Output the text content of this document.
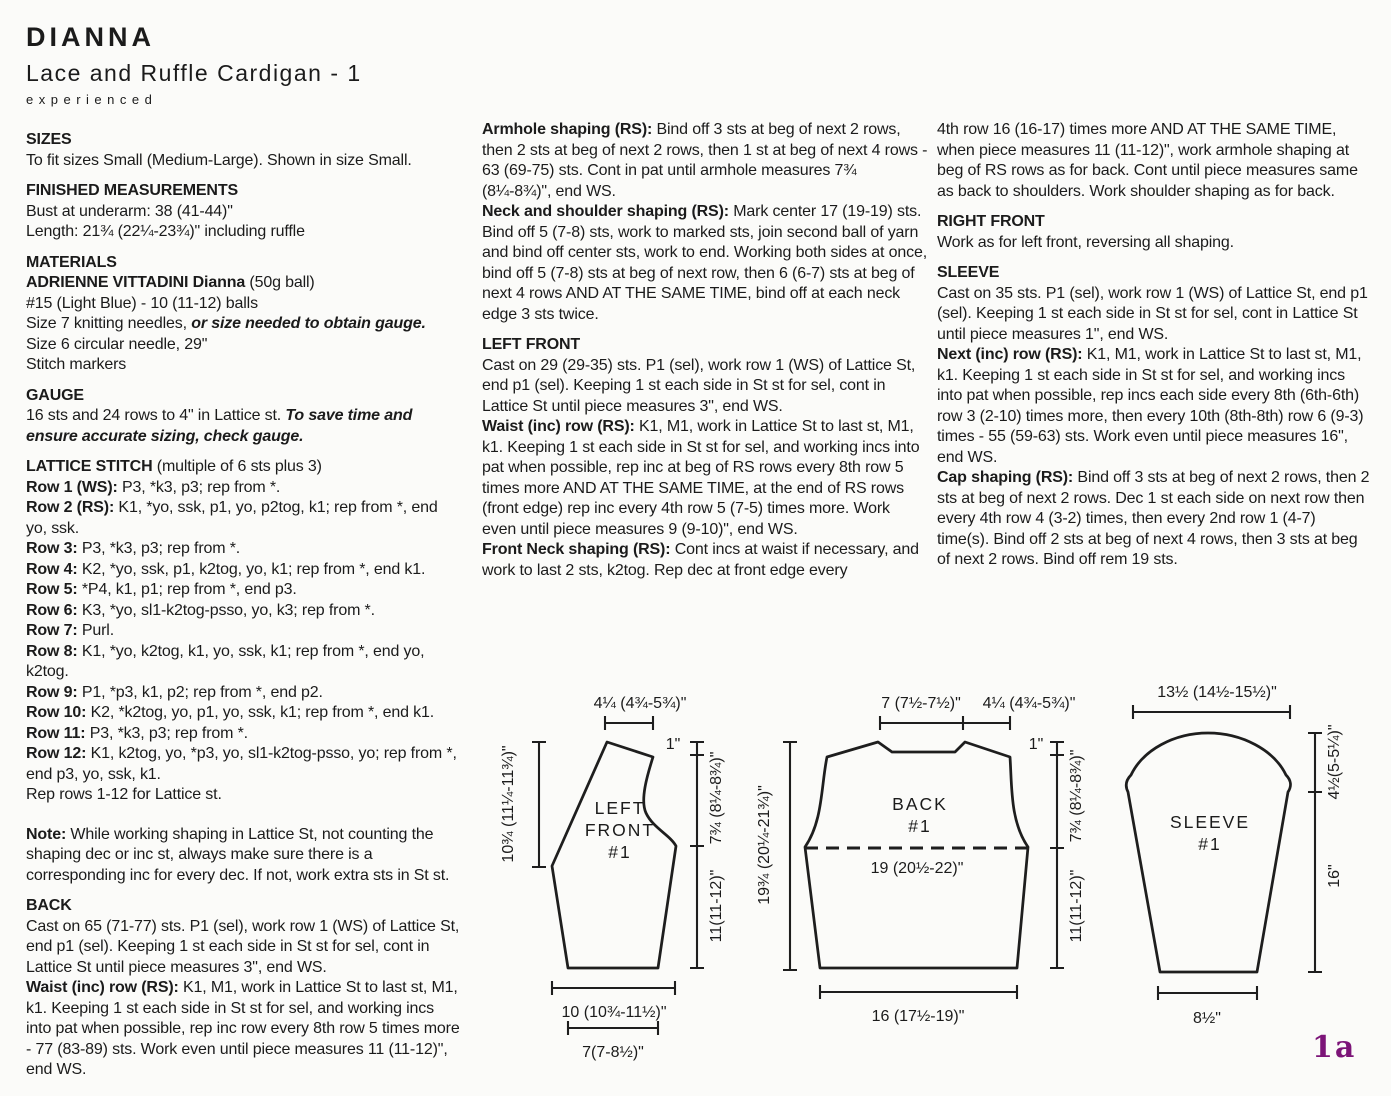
DIANNA
Lace and Ruffle Cardigan - 1
experienced
SIZES

To fit sizes Small (Medium-Large). Shown in size Small.

FINISHED MEASUREMENTS

Bust at underarm: 38 (41-44)"

Length: 21¾ (22¼-23¾)" including ruffle

MATERIALS

ADRIENNE VITTADINI Dianna (50g ball)

#15 (Light Blue) - 10 (11-12) balls

Size 7 knitting needles, or size needed to obtain gauge.

Size 6 circular needle, 29"

Stitch markers

GAUGE

16 sts and 24 rows to 4" in Lattice st. To save time and ensure accurate sizing, check gauge.

LATTICE STITCH (multiple of 6 sts plus 3)

Row 1 (WS): P3, *k3, p3; rep from *.

Row 2 (RS): K1, *yo, ssk, p1, yo, p2tog, k1; rep from *, end yo, ssk.

Row 3: P3, *k3, p3; rep from *.

Row 4: K2, *yo, ssk, p1, k2tog, yo, k1; rep from *, end k1.

Row 5: *P4, k1, p1; rep from *, end p3.

Row 6: K3, *yo, sl1-k2tog-psso, yo, k3; rep from *.

Row 7: Purl.

Row 8: K1, *yo, k2tog, k1, yo, ssk, k1; rep from *, end yo, k2tog.

Row 9: P1, *p3, k1, p2; rep from *, end p2.

Row 10: K2, *k2tog, yo, p1, yo, ssk, k1; rep from *, end k1.

Row 11: P3, *k3, p3; rep from *.

Row 12: K1, k2tog, yo, *p3, yo, sl1-k2tog-psso, yo; rep from *, end p3, yo, ssk, k1.

Rep rows 1-12 for Lattice st.

Note: While working shaping in Lattice St, not counting the shaping dec or inc st, always make sure there is a corresponding inc for every dec. If not, work extra sts in St st.

BACK

Cast on 65 (71-77) sts. P1 (sel), work row 1 (WS) of Lattice St, end p1 (sel). Keeping 1 st each side in St st for sel, cont in Lattice St until piece measures 3", end WS.

Waist (inc) row (RS): K1, M1, work in Lattice St to last st, M1, k1. Keeping 1 st each side in St st for sel, and working incs into pat when possible, rep inc row every 8th row 5 times more - 77 (83-89) sts. Work even until piece measures 11 (11-12)", end WS.

Armhole shaping (RS): Bind off 3 sts at beg of next 2 rows, then 2 sts at beg of next 2 rows, then 1 st at beg of next 4 rows - 63 (69-75) sts. Cont in pat until armhole measures 7¾ (8¼-8¾)", end WS.

Neck and shoulder shaping (RS): Mark center 17 (19-19) sts. Bind off 5 (7-8) sts, work to marked sts, join second ball of yarn and bind off center sts, work to end. Working both sides at once, bind off 5 (7-8) sts at beg of next row, then 6 (6-7) sts at beg of next 4 rows AND AT THE SAME TIME, bind off at each neck edge 3 sts twice.

LEFT FRONT

Cast on 29 (29-35) sts. P1 (sel), work row 1 (WS) of Lattice St, end p1 (sel). Keeping 1 st each side in St st for sel, cont in Lattice St until piece measures 3", end WS.

Waist (inc) row (RS): K1, M1, work in Lattice St to last st, M1, k1. Keeping 1 st each side in St st for sel, and working incs into pat when possible, rep inc at beg of RS rows every 8th row 5 times more AND AT THE SAME TIME, at the end of RS rows (front edge) rep inc every 4th row 5 (7-5) times more. Work even until piece measures 9 (9-10)", end WS.

Front Neck shaping (RS): Cont incs at waist if necessary, and work to last 2 sts, k2tog. Rep dec at front edge every

4th row 16 (16-17) times more AND AT THE SAME TIME, when piece measures 11 (11-12)", work armhole shaping at beg of RS rows as for back. Cont until piece measures same as back to shoulders. Work shoulder shaping as for back.

RIGHT FRONT

Work as for left front, reversing all shaping.

SLEEVE

Cast on 35 sts. P1 (sel), work row 1 (WS) of Lattice St, end p1 (sel). Keeping 1 st each side in St st for sel, cont in Lattice St until piece measures 1", end WS.

Next (inc) row (RS): K1, M1, work in Lattice St to last st, M1, k1. Keeping 1 st each side in St st for sel, and working incs into pat when possible, rep incs each side every 8th (6th-6th) row 3 (2-10) times more, then every 10th (8th-8th) row 6 (9-3) times - 55 (59-63) sts. Work even until piece measures 16", end WS.

Cap shaping (RS): Bind off 3 sts at beg of next 2 rows, then 2 sts at beg of next 2 rows. Dec 1 st each side on next row then every 4th row 4 (3-2) times, then every 2nd row 1 (4-7) time(s). Bind off 2 sts at beg of next 4 rows, then 3 sts at beg of next 2 rows. Bind off rem 19 sts.

LEFT
FRONT
#1
4¼ (4¾-5¾)"
10¾ (11¼-11¾)"
1"
7¾ (8¼-8¾)"
11(11-12)"
10 (10¾-11½)"
7(7-8½)"
BACK
#1
19 (20½-22)"
7 (7½-7½)" 4¼ (4¾-5¾)"
19¾ (20¼-21¾)"
1"
7¾ (8¼-8¾)"
11(11-12)"
16 (17½-19)"
SLEEVE
#1
13½ (14½-15½)"
4½(5-5¼)"
16"
8½"
1a
